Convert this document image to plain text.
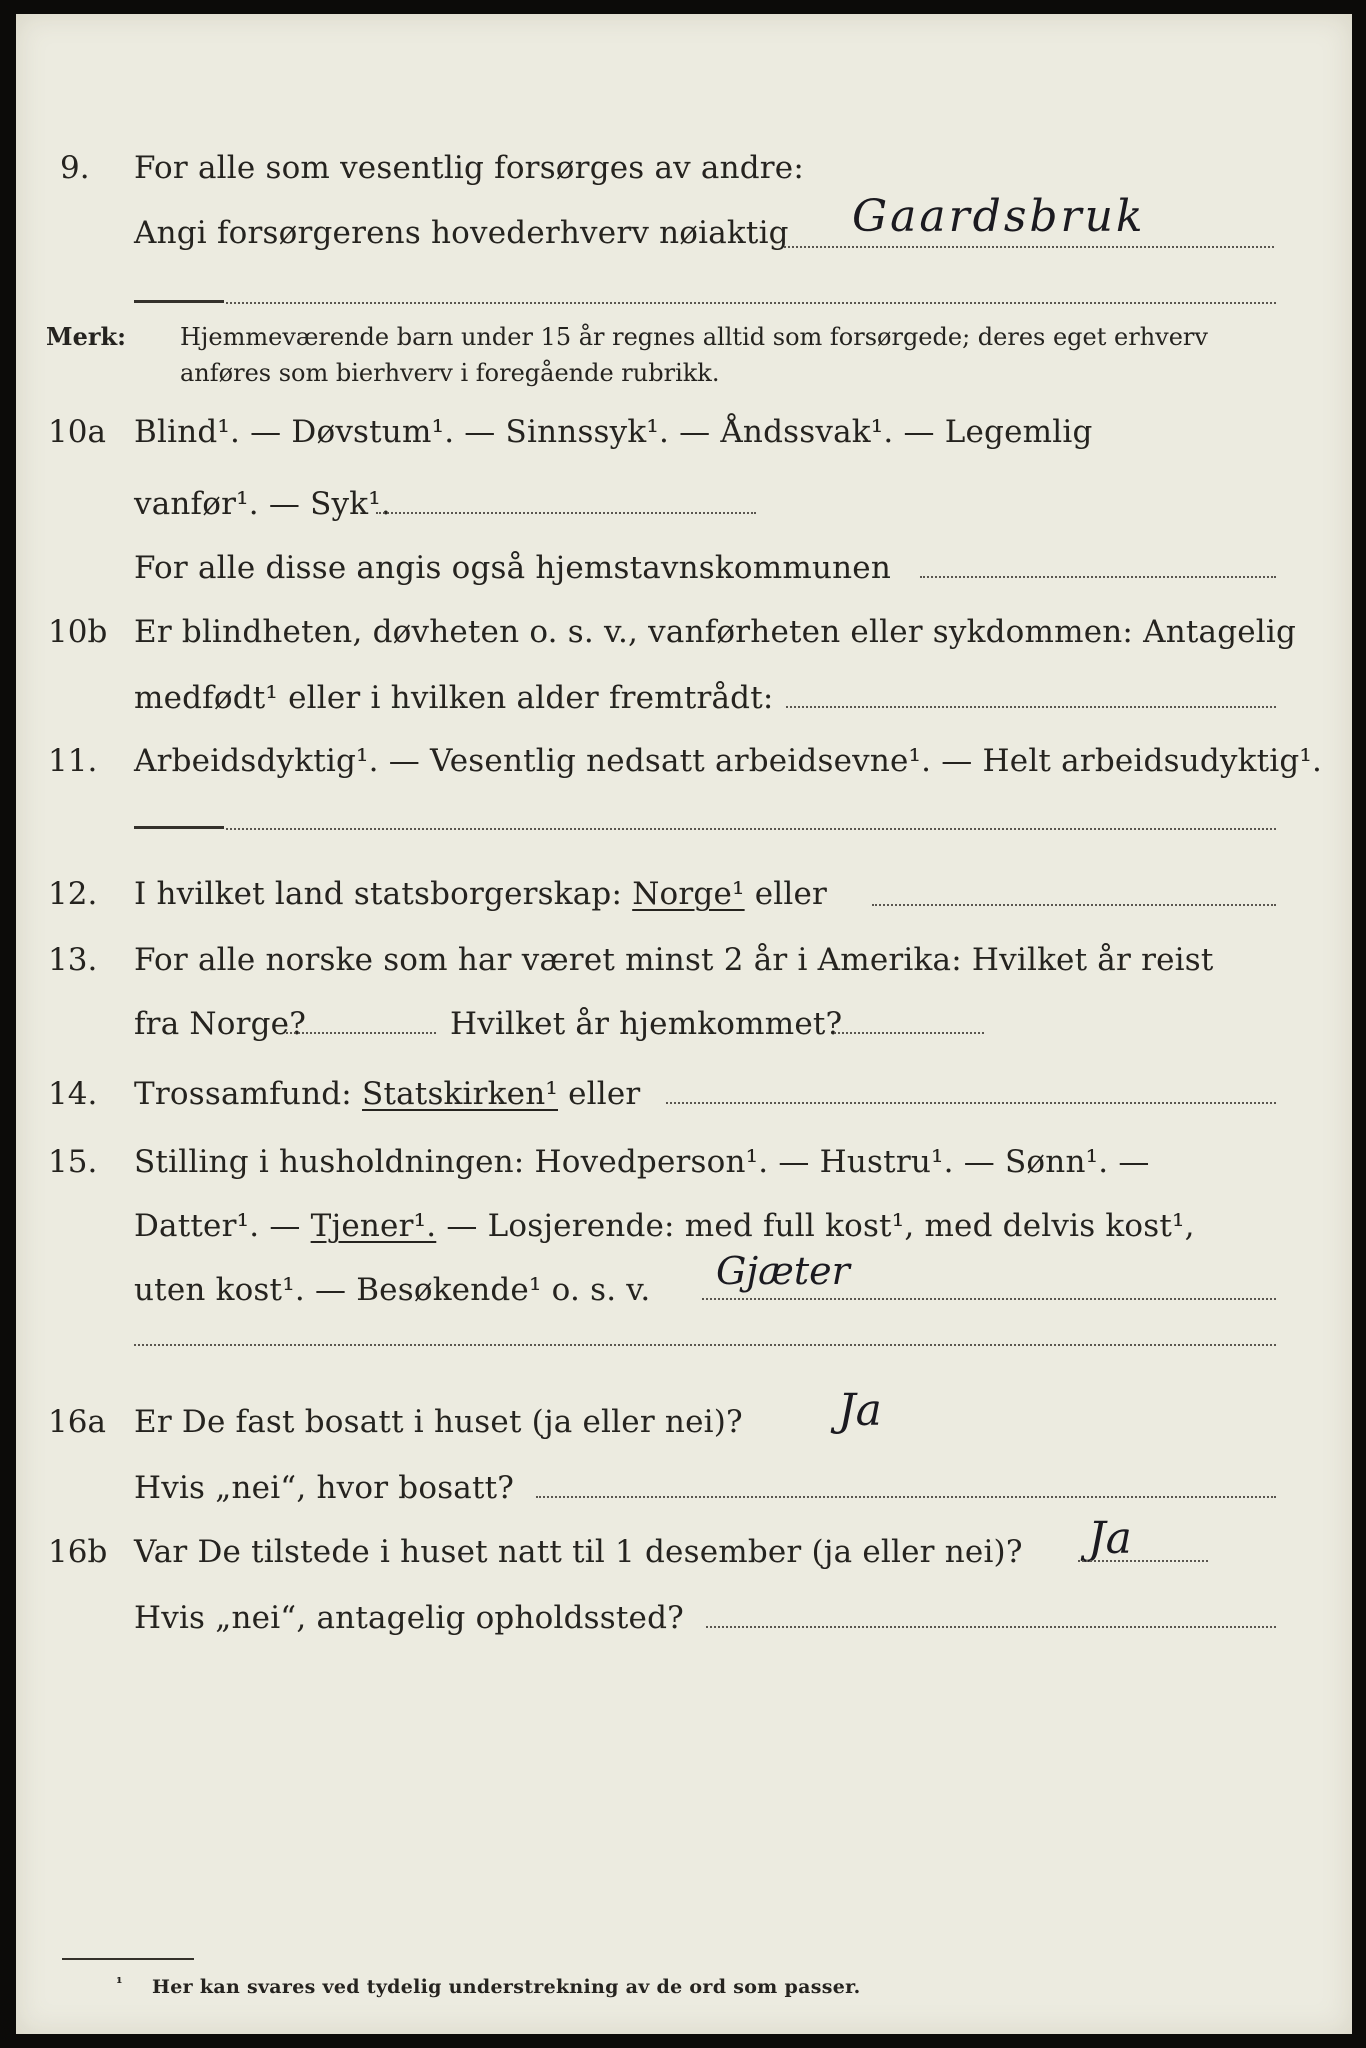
9. For alle som vesentlig forsørges av andre:
Angi forsørgerens hovederhverv nøiaktig Gaardsbruk
Merk: Hjemmeværende barn under 15 år regnes alltid som forsørgede; deres eget erhverv
anføres som bierhverv i foregående rubrikk.
10a Blind¹. — Døvstum¹. — Sinnssyk¹. — Åndssvak¹. — Legemlig
vanfør¹. — Syk¹.
For alle disse angis også hjemstavnskommunen
10b Er blindheten, døvheten o. s. v., vanførheten eller sykdommen: Antagelig
medfødt¹ eller i hvilken alder fremtrådt:
11. Arbeidsdyktig¹. — Vesentlig nedsatt arbeidsevne¹. — Helt arbeidsudyktig¹.
12. I hvilket land statsborgerskap: Norge¹ eller
13. For alle norske som har været minst 2 år i Amerika: Hvilket år reist
fra Norge?	Hvilket år hjemkommet?
14. Trossamfund: Statskirken¹ eller
15. Stilling i husholdningen: Hovedperson¹. — Hustru¹. — Sønn¹. —
Datter¹. — Tjener¹. — Losjerende: med full kost¹, med delvis kost¹,
uten kost¹. — Besøkende¹ o. s. v. Gjæter
16a Er De fast bosatt i huset (ja eller nei)? Ja
Hvis „nei“, hvor bosatt?
16b Var De tilstede i huset natt til 1 desember (ja eller nei)? Ja
Hvis „nei“, antagelig opholdssted?
¹ Her kan svares ved tydelig understrekning av de ord som passer.
